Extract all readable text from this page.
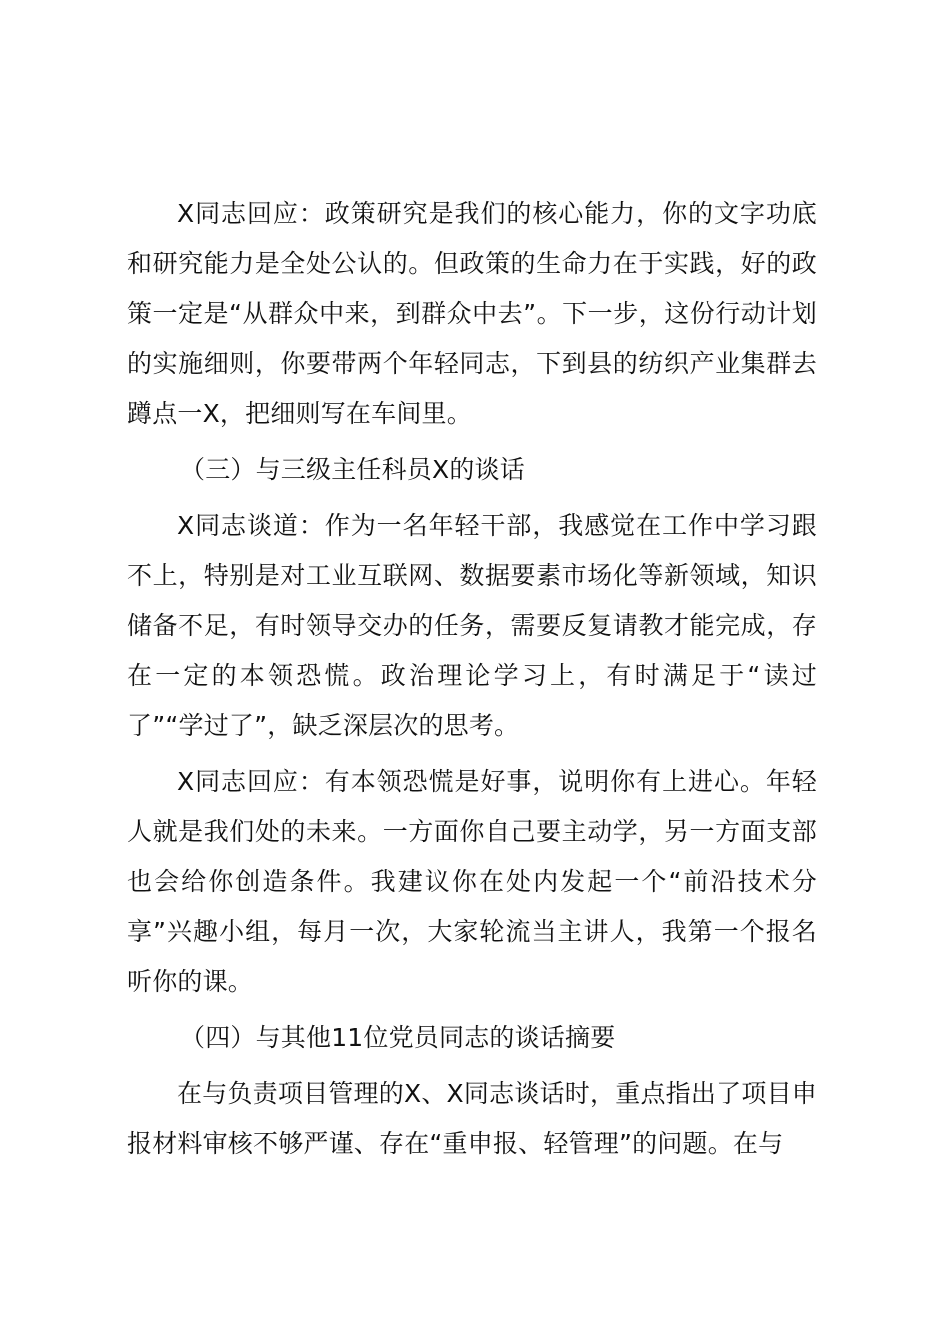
X同志回应：政策研究是我们的核心能力，你的文字功底和研究能力是全处公认的。但政策的生命力在于实践，好的政策一定是“从群众中来，到群众中去”。下一步，这份行动计划的实施细则，你要带两个年轻同志，下到县的纺织产业集群去蹲点一X，把细则写在车间里。

（三）与三级主任科员X的谈话

X同志谈道：作为一名年轻干部，我感觉在工作中学习跟不上，特别是对工业互联网、数据要素市场化等新领域，知识储备不足，有时领导交办的任务，需要反复请教才能完成，存在一定的本领恐慌。政治理论学习上，有时满足于“读过了”“学过了”，缺乏深层次的思考。

X同志回应：有本领恐慌是好事，说明你有上进心。年轻人就是我们处的未来。一方面你自己要主动学，另一方面支部也会给你创造条件。我建议你在处内发起一个“前沿技术分享”兴趣小组，每月一次，大家轮流当主讲人，我第一个报名听你的课。

（四）与其他11位党员同志的谈话摘要

在与负责项目管理的X、X同志谈话时，重点指出了项目申报材料审核不够严谨、存在“重申报、轻管理”的问题。在与
